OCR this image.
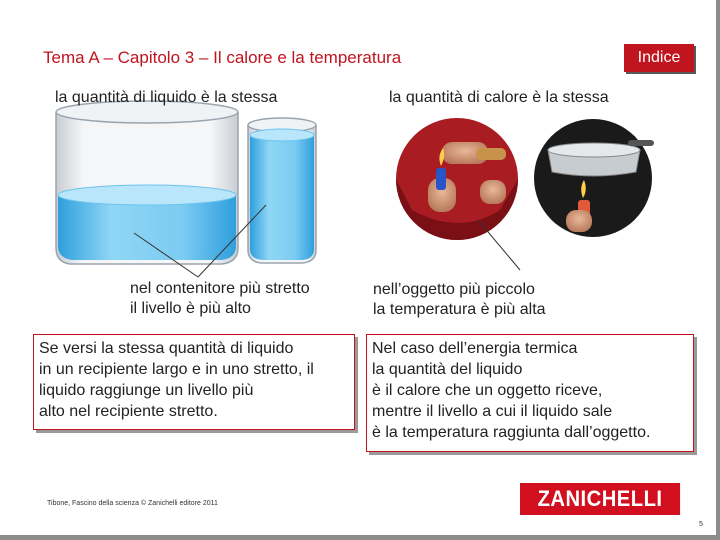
Tema A – Capitolo 3 – Il calore e la temperatura	Indice
la quantità di liquido è la stessa	la quantità di calore è la stessa
nel contenitore più stretto
il livello è più alto
nell’oggetto più piccolo
la temperatura è più alta
Se versi la stessa quantità di liquido
in un recipiente largo e in uno stretto, il
liquido raggiunge un livello più
alto nel recipiente stretto.
Nel caso dell’energia termica
la quantità del liquido
è il calore che un oggetto riceve,
mentre il livello a cui il liquido sale
è la temperatura raggiunta dall’oggetto.
Tibone, Fascino della scienza © Zanichelli editore 2011	ZANICHELLI
5
